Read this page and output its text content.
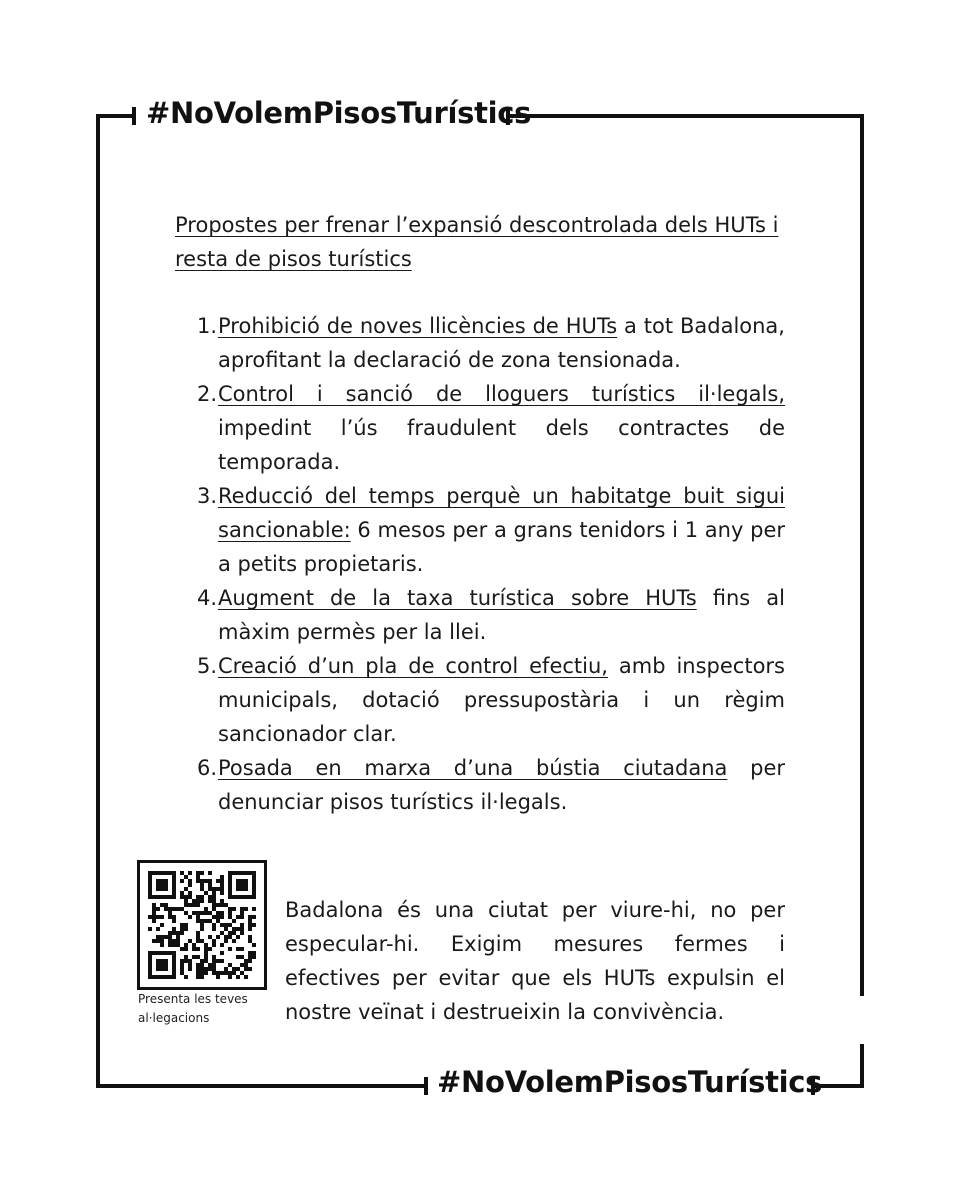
#NoVolemPisosTurístics
#NoVolemPisosTurístics
Propostes per frenar l’expansió descontrolada dels HUTs i resta de pisos turístics
1. Prohibició de noves llicències de HUTs a tot Badalona, aprofitant la declaració de zona tensionada.
2. Control i sanció de lloguers turístics il·legals, impedint l’ús fraudulent dels contractes de temporada.
3. Reducció del temps perquè un habitatge buit sigui sancionable: 6 mesos per a grans tenidors i 1 any per a petits propietaris.
4. Augment de la taxa turística sobre HUTs fins al màxim permès per la llei.
5. Creació d’un pla de control efectiu, amb inspectors municipals, dotació pressupostària i un règim sancionador clar.
6. Posada en marxa d’una bústia ciutadana per denunciar pisos turístics il·legals.
Presenta les teves al·legacions
Badalona és una ciutat per viure-hi, no per especular-hi. Exigim mesures fermes i efectives per evitar que els HUTs expulsin el nostre veïnat i destrueixin la convivència.
